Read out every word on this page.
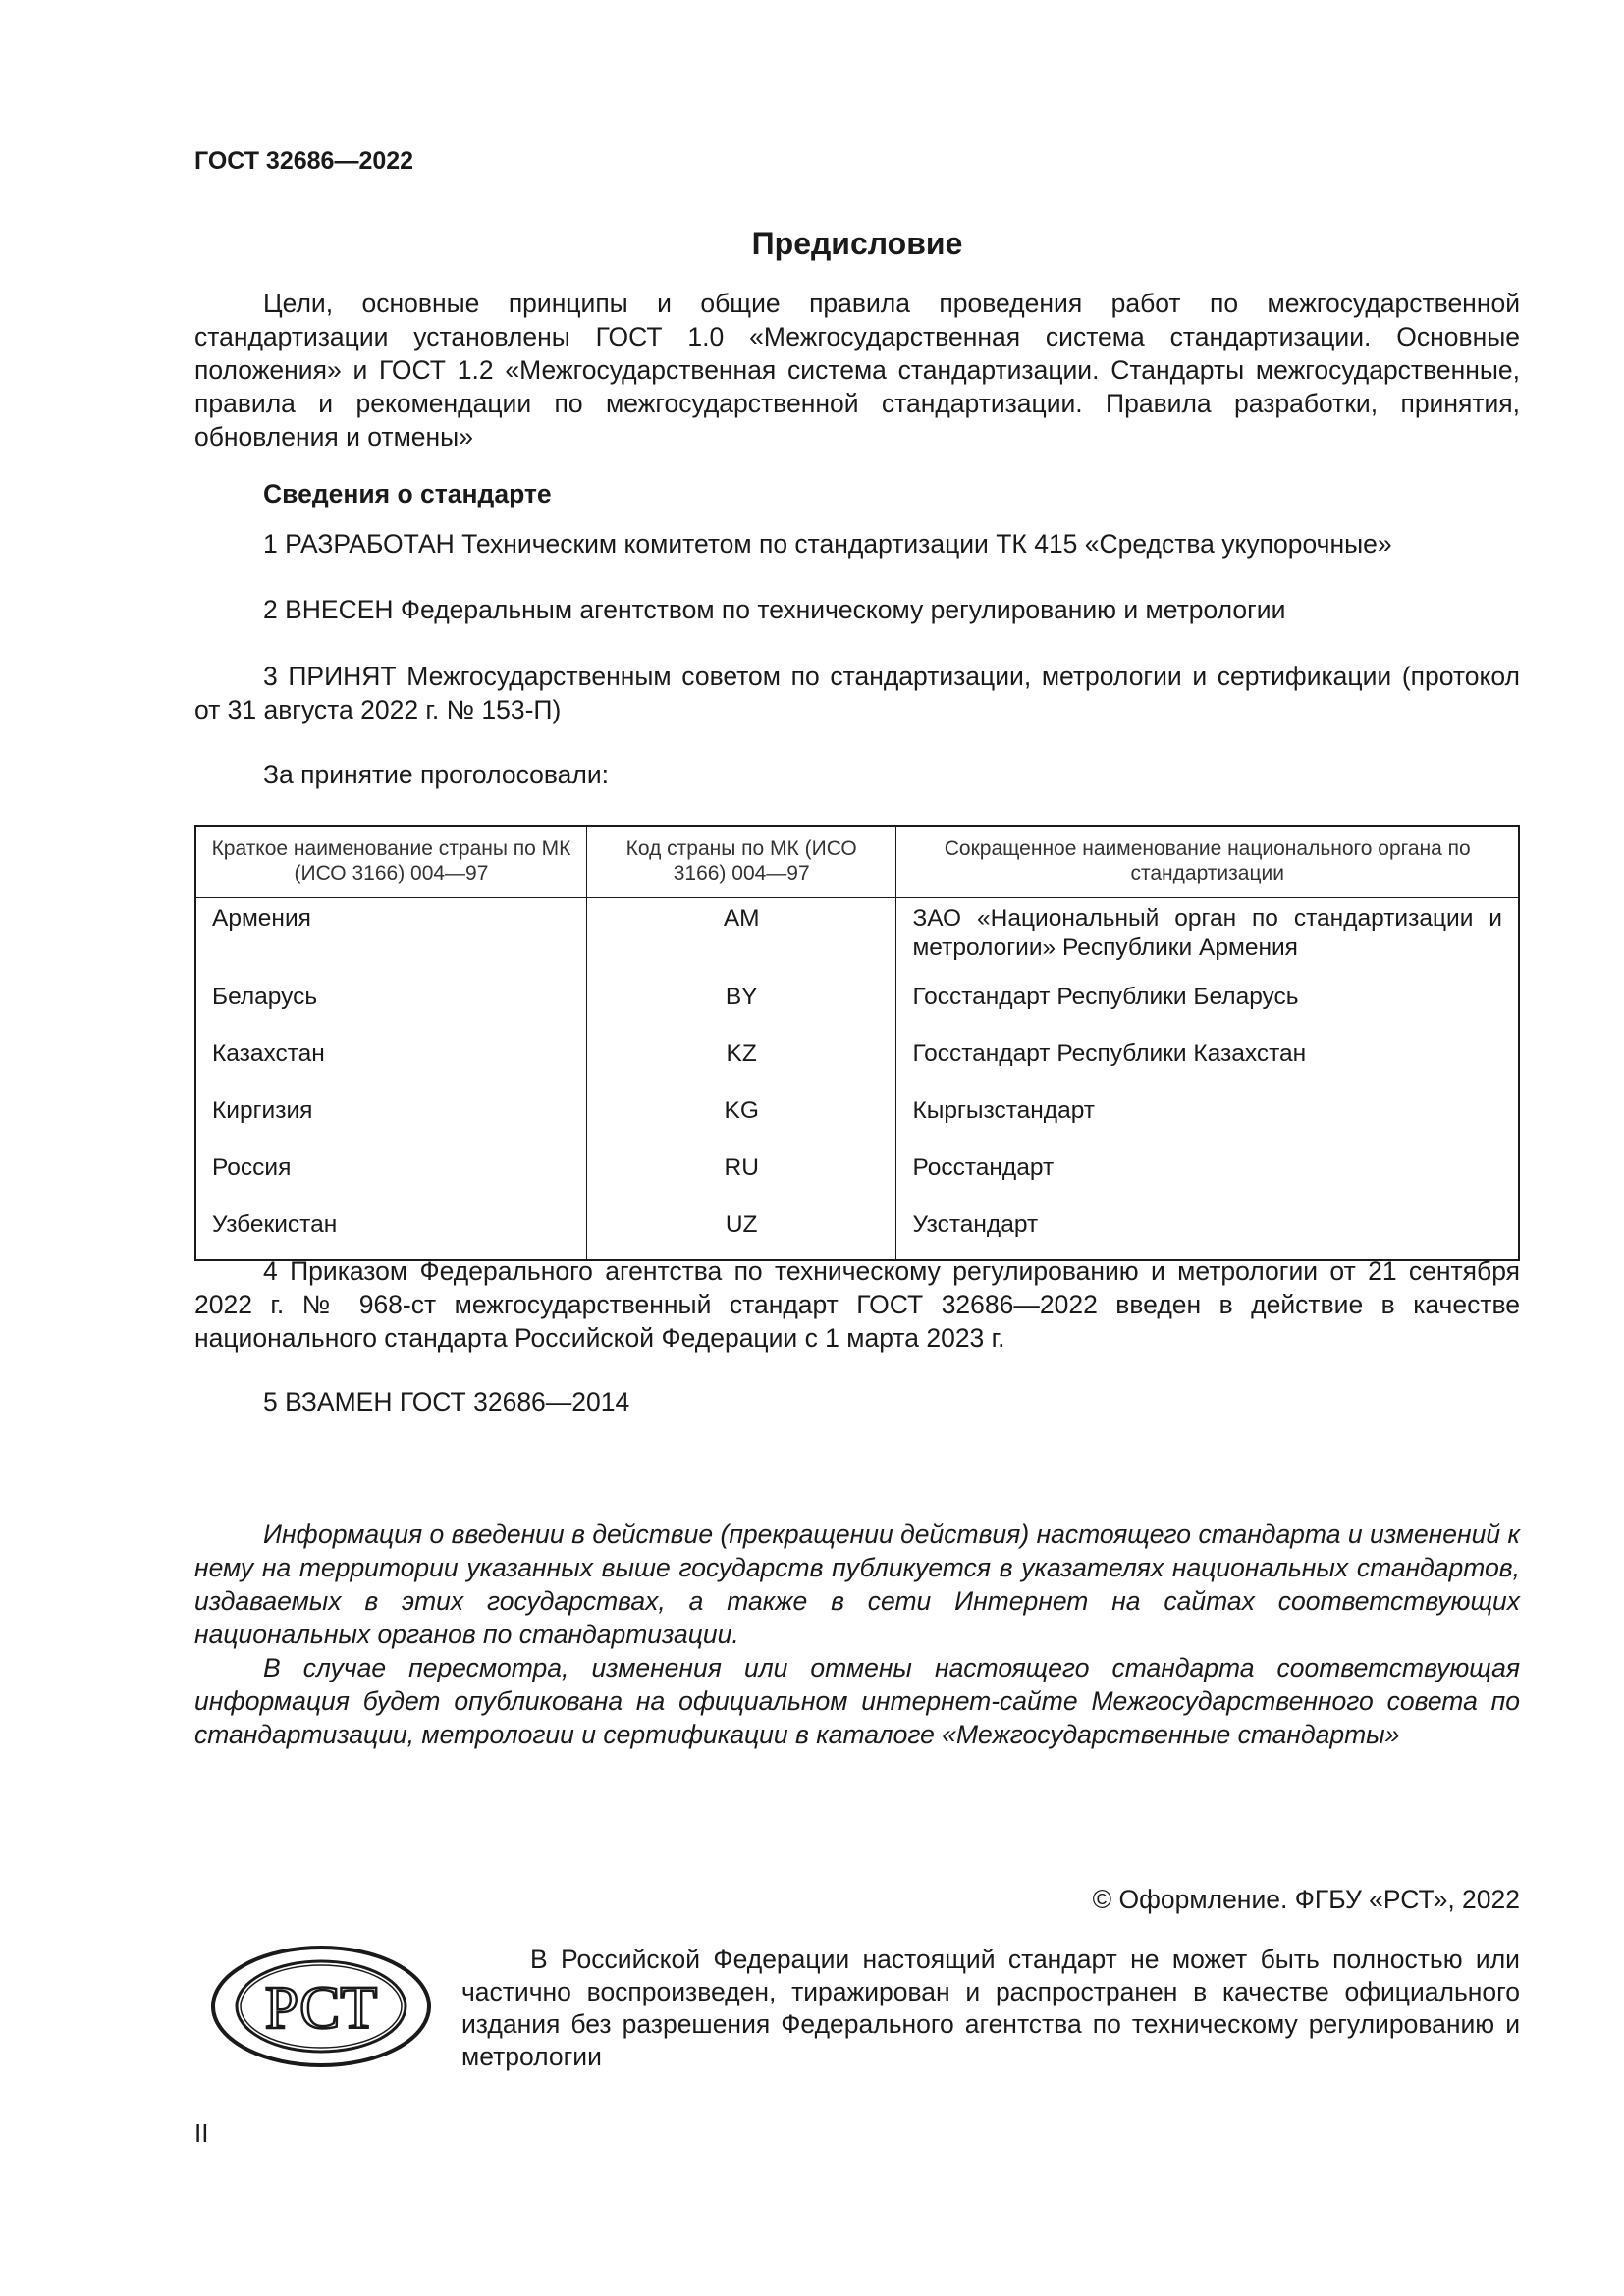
ГОСТ 32686—2022
Предисловие
Цели, основные принципы и общие правила проведения работ по межгосударственной стандартизации установлены ГОСТ 1.0 «Межгосударственная система стандартизации. Основные положения» и ГОСТ 1.2 «Межгосударственная система стандартизации. Стандарты межгосударственные, правила и рекомендации по межгосударственной стандартизации. Правила разработки, принятия, обновления и отмены»
Сведения о стандарте
1 РАЗРАБОТАН Техническим комитетом по стандартизации ТК 415 «Средства укупорочные»
2 ВНЕСЕН Федеральным агентством по техническому регулированию и метрологии
3 ПРИНЯТ Межгосударственным советом по стандартизации, метрологии и сертификации (протокол от 31 августа 2022 г. № 153-П)
За принятие проголосовали:
Краткое наименование страны по МК (ИСО 3166) 004—97	Код страны по МК (ИСО 3166) 004—97	Сокращенное наименование национального органа по стандартизации
Армения	AM	ЗАО «Национальный орган по стандартизации и метрологии» Республики Армения
Беларусь	BY	Госстандарт Республики Беларусь
Казахстан	KZ	Госстандарт Республики Казахстан
Киргизия	KG	Кыргызстандарт
Россия	RU	Росстандарт
Узбекистан	UZ	Узстандарт
4 Приказом Федерального агентства по техническому регулированию и метрологии от 21 сентября 2022 г. № 968-ст межгосударственный стандарт ГОСТ 32686—2022 введен в действие в качестве национального стандарта Российской Федерации с 1 марта 2023 г.
5 ВЗАМЕН ГОСТ 32686—2014
Информация о введении в действие (прекращении действия) настоящего стандарта и изменений к нему на территории указанных выше государств публикуется в указателях национальных стандартов, издаваемых в этих государствах, а также в сети Интернет на сайтах соответствующих национальных органов по стандартизации.
В случае пересмотра, изменения или отмены настоящего стандарта соответствующая информация будет опубликована на официальном интернет-сайте Межгосударственного совета по стандартизации, метрологии и сертификации в каталоге «Межгосударственные стандарты»
© Оформление. ФГБУ «РСТ», 2022
РСТ
В Российской Федерации настоящий стандарт не может быть полностью или частично воспроизведен, тиражирован и распространен в качестве официального издания без разрешения Федерального агентства по техническому регулированию и метрологии
II
